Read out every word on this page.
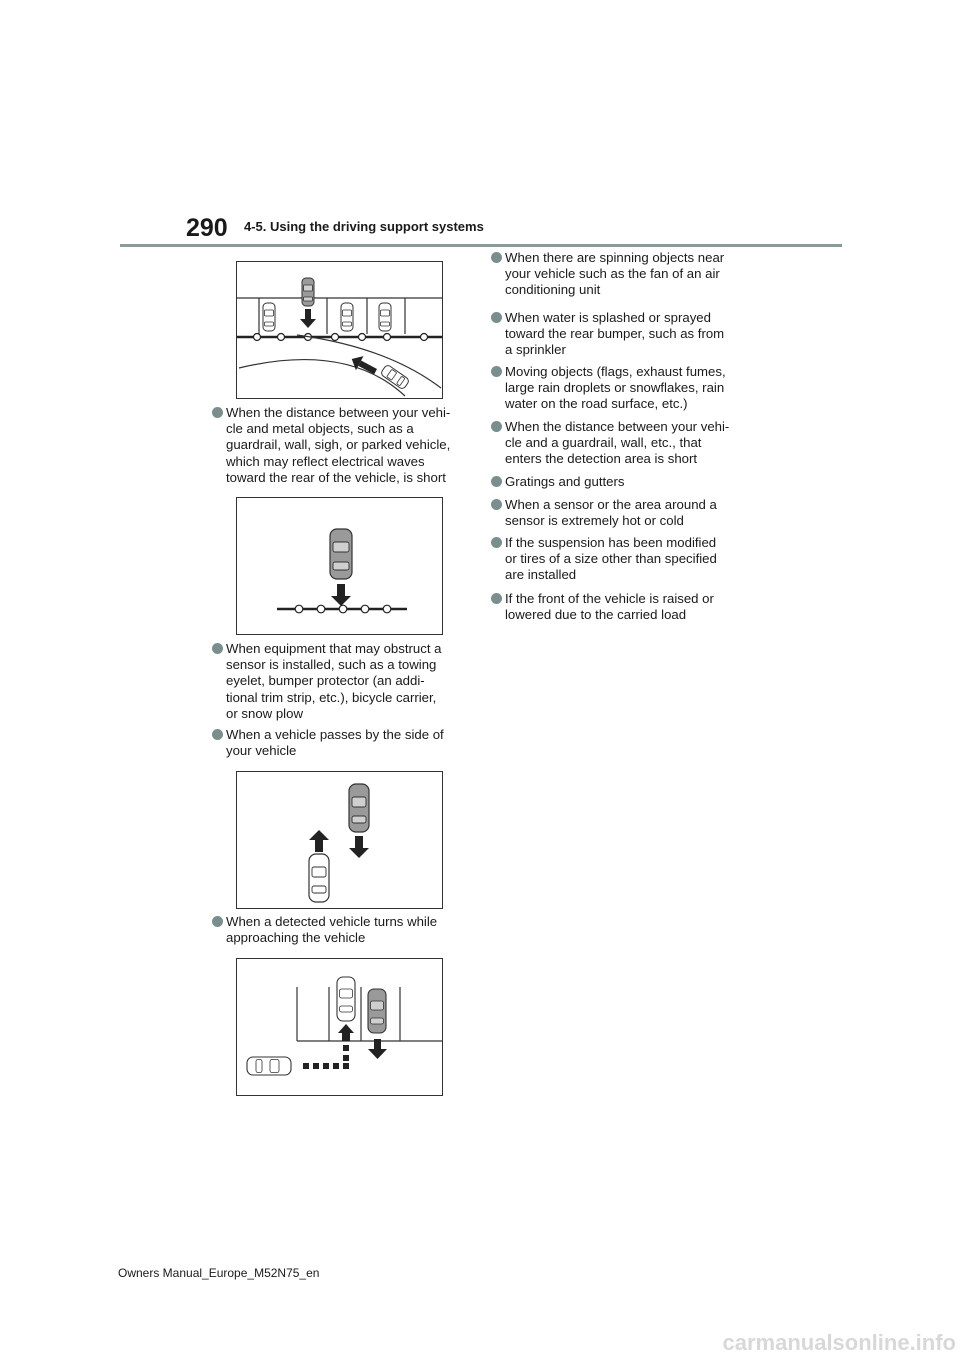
290 4-5. Using the driving support systems
When the distance between your vehi-
cle and metal objects, such as a
guardrail, wall, sigh, or parked vehicle,
which may reflect electrical waves
toward the rear of the vehicle, is short
When equipment that may obstruct a
sensor is installed, such as a towing
eyelet, bumper protector (an addi-
tional trim strip, etc.), bicycle carrier,
or snow plow
When a vehicle passes by the side of
your vehicle
When a detected vehicle turns while
approaching the vehicle
When there are spinning objects near
your vehicle such as the fan of an air
conditioning unit
When water is splashed or sprayed
toward the rear bumper, such as from
a sprinkler
Moving objects (flags, exhaust fumes,
large rain droplets or snowflakes, rain
water on the road surface, etc.)
When the distance between your vehi-
cle and a guardrail, wall, etc., that
enters the detection area is short
Gratings and gutters
When a sensor or the area around a
sensor is extremely hot or cold
If the suspension has been modified
or tires of a size other than specified
are installed
If the front of the vehicle is raised or
lowered due to the carried load
Owners Manual_Europe_M52N75_en
carmanualsonline.info
